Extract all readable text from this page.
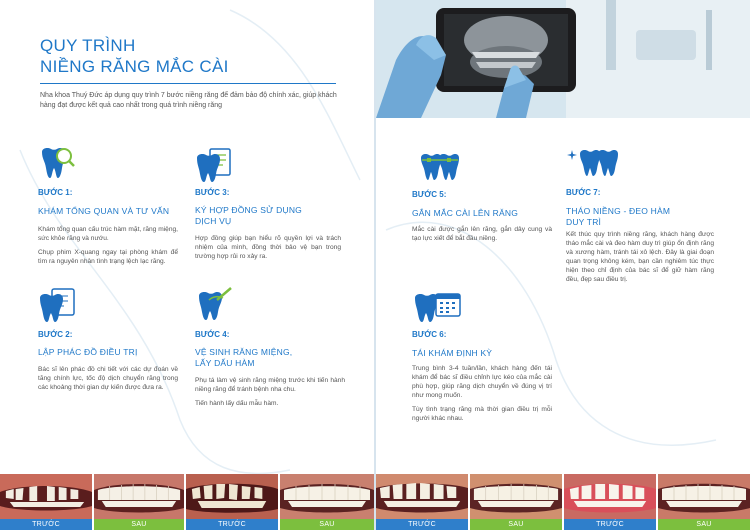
QUY TRÌNH
NIỀNG RĂNG MẮC CÀI
Nha khoa Thuý Đức áp dụng quy trình 7 bước niềng răng để đảm bảo độ chính xác, giúp khách hàng đạt được kết quả cao nhất trong quá trình niềng răng
BƯỚC 1:
KHÁM TỔNG QUAN VÀ TƯ VẤN

Khám tổng quan cấu trúc hàm mặt, răng miệng, sức khỏe răng và nướu.

Chụp phim X-quang ngay tại phòng khám để tìm ra nguyên nhân tình trạng lệch lạc răng.

BƯỚC 2:
LẬP PHÁC ĐỒ ĐIỀU TRỊ

Bác sĩ lên phác đồ chi tiết với các dự đoán về tăng chính lực, tốc độ dịch chuyển răng trong các khoảng thời gian dự kiến được đưa ra.

BƯỚC 3:
KÝ HỢP ĐỒNG SỬ DỤNG DỊCH VỤ

Hợp đồng giúp bạn hiểu rõ quyền lợi và trách nhiệm của mình, đồng thời bảo vệ bạn trong trường hợp rủi ro xảy ra.

BƯỚC 4:
VỆ SINH RĂNG MIỆNG, LẤY DẤU HÀM

Phụ tá làm vệ sinh răng miệng trước khi tiến hành niềng răng để tránh bệnh nha chu.

Tiến hành lấy dấu mẫu hàm.

TRƯỚC	SAU	TRƯỚC	SAU
BƯỚC 5:
GẮN MẮC CÀI LÊN RĂNG

Mắc cài được gắn lên răng, gắn dây cung và tạo lực xiết để bắt đầu niềng.

BƯỚC 6:
TÁI KHÁM ĐỊNH KỲ

Trung bình 3-4 tuần/lần, khách hàng đến tái khám để bác sĩ điều chỉnh lực kéo của mắc cài phù hợp, giúp răng dịch chuyển về đúng vị trí như mong muốn.

Tùy tình trạng răng mà thời gian điều trị mỗi người khác nhau.

BƯỚC 7:
THÁO NIỀNG - ĐEO HÀM DUY TRÌ

Kết thúc quy trình niềng răng, khách hàng được tháo mắc cài và đeo hàm duy trì giúp ổn định răng và xương hàm, tránh tái xô lệch. Đây là giai đoạn quan trọng không kém, bạn cần nghiêm túc thực hiện theo chỉ định của bác sĩ để giữ hàm răng đều, đẹp sau điều trị.

TRƯỚC	SAU	TRƯỚC	SAU
